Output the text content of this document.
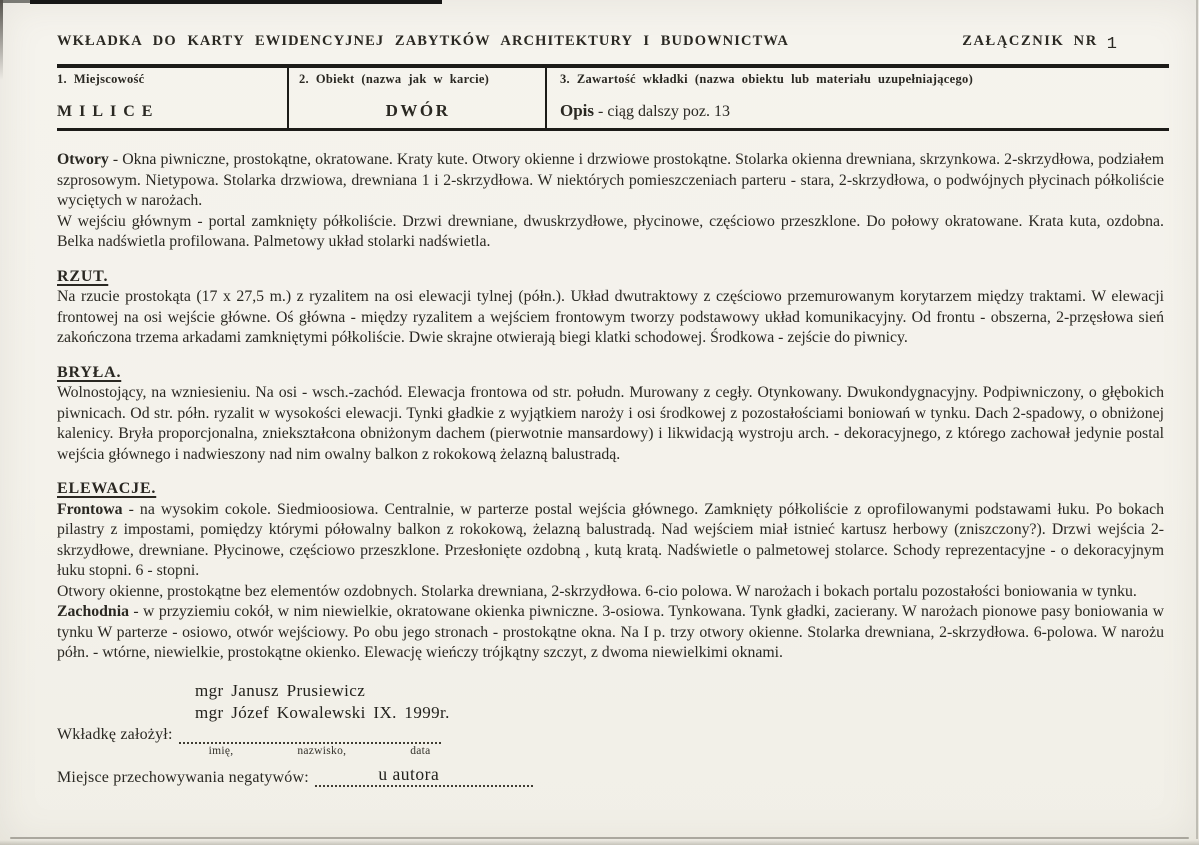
WKŁADKA DO KARTY EWIDENCYJNEJ ZABYTKÓW ARCHITEKTURY I BUDOWNICTWA	ZAŁĄCZNIK NR 1
1. Miejscowość
MILICE
2. Obiekt (nazwa jak w karcie)
DWÓR
3. Zawartość wkładki (nazwa obiektu lub materiału uzupełniającego)
Opis - ciąg dalszy poz. 13

Otwory - Okna piwniczne, prostokątne, okratowane. Kraty kute. Otwory okienne i drzwiowe prostokątne. Stolarka okienna drewniana, skrzynkowa. 2-skrzydłowa, podziałem szprosowym. Nietypowa. Stolarka drzwiowa, drewniana 1 i 2-skrzydłowa. W niektórych pomieszczeniach parteru - stara, 2-skrzydłowa, o podwójnych płycinach półkoliście wyciętych w narożach.

W wejściu głównym - portal zamknięty półkoliście. Drzwi drewniane, dwuskrzydłowe, płycinowe, częściowo przeszklone. Do połowy okratowane. Krata kuta, ozdobna. Belka nadświetla profilowana. Palmetowy układ stolarki nadświetla.

RZUT.

Na rzucie prostokąta (17 x 27,5 m.) z ryzalitem na osi elewacji tylnej (półn.). Układ dwutraktowy z częściowo przemurowanym korytarzem między traktami. W elewacji frontowej na osi wejście główne. Oś główna - między ryzalitem a wejściem frontowym tworzy podstawowy układ komunikacyjny. Od frontu - obszerna, 2-przęsłowa sień zakończona trzema arkadami zamkniętymi półkoliście. Dwie skrajne otwierają biegi klatki schodowej. Środkowa - zejście do piwnicy.

BRYŁA.

Wolnostojący, na wzniesieniu. Na osi - wsch.-zachód. Elewacja frontowa od str. połudn. Murowany z cegły. Otynkowany. Dwukondygnacyjny. Podpiwniczony, o głębokich piwnicach. Od str. półn. ryzalit w wysokości elewacji. Tynki gładkie z wyjątkiem naroży i osi środkowej z pozostałościami boniowań w tynku. Dach 2-spadowy, o obniżonej kalenicy. Bryła proporcjonalna, zniekształcona obniżonym dachem (pierwotnie mansardowy) i likwidacją wystroju arch. - dekoracyjnego, z którego zachował jedynie postal wejścia głównego i nadwieszony nad nim owalny balkon z rokokową żelazną balustradą.

ELEWACJE.

Frontowa - na wysokim cokole. Siedmioosiowa. Centralnie, w parterze postal wejścia głównego. Zamknięty półkoliście z oprofilowanymi podstawami łuku. Po bokach pilastry z impostami, pomiędzy którymi półowalny balkon z rokokową, żelazną balustradą. Nad wejściem miał istnieć kartusz herbowy (zniszczony?). Drzwi wejścia 2-skrzydłowe, drewniane. Płycinowe, częściowo przeszklone. Przesłonięte ozdobną , kutą kratą. Nadświetle o palmetowej stolarce. Schody reprezentacyjne - o dekoracyjnym łuku stopni. 6 - stopni.

Otwory okienne, prostokątne bez elementów ozdobnych. Stolarka drewniana, 2-skrzydłowa. 6-cio polowa. W narożach i bokach portalu pozostałości boniowania w tynku.

Zachodnia - w przyziemiu cokół, w nim niewielkie, okratowane okienka piwniczne. 3-osiowa. Tynkowana. Tynk gładki, zacierany. W narożach pionowe pasy boniowania w tynku W parterze - osiowo, otwór wejściowy. Po obu jego stronach - prostokątne okna. Na I p. trzy otwory okienne. Stolarka drewniana, 2-skrzydłowa. 6-polowa. W narożu półn. - wtórne, niewielkie, prostokątne okienko. Elewację wieńczy trójkątny szczyt, z dwoma niewielkimi oknami.

mgr Janusz Prusiewicz
mgr Józef Kowalewski IX. 1999r.
Wkładkę założył:
imię,	nazwisko,	data
Miejsce przechowywania negatywów:	u autora
